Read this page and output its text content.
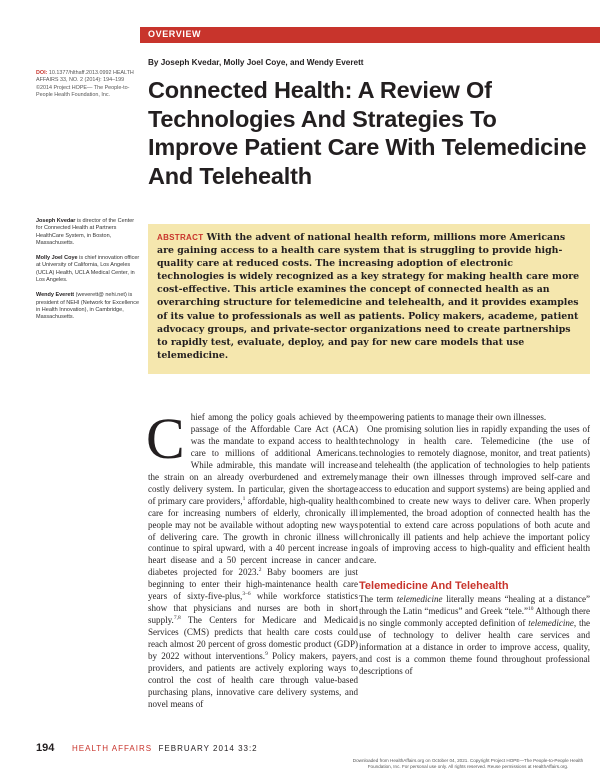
OVERVIEW
DOI: 10.1377/hlthaff.2013.0992 HEALTH AFFAIRS 33, NO. 2 (2014): 194–199 ©2014 Project HOPE— The People-to-People Health Foundation, Inc.
By Joseph Kvedar, Molly Joel Coye, and Wendy Everett
Connected Health: A Review Of Technologies And Strategies To Improve Patient Care With Telemedicine And Telehealth

Joseph Kvedar is director of the Center for Connected Health at Partners HealthCare System, in Boston, Massachusetts.

Molly Joel Coye is chief innovation officer at University of California, Los Angeles (UCLA) Health, UCLA Medical Center, in Los Angeles.

Wendy Everett (weverett@ nehi.net) is president of NEHI (Network for Excellence in Health Innovation), in Cambridge, Massachusetts.

ABSTRACT With the advent of national health reform, millions more Americans are gaining access to a health care system that is struggling to provide high-quality care at reduced costs. The increasing adoption of electronic technologies is widely recognized as a key strategy for making health care more cost-effective. This article examines the concept of connected health as an overarching structure for telemedicine and telehealth, and it provides examples of its value to professionals as well as patients. Policy makers, academe, patient advocacy groups, and private-sector organizations need to create partnerships to rapidly test, evaluate, deploy, and pay for new care models that use telemedicine.

Chief among the policy goals achieved by the passage of the Affordable Care Act (ACA) was the mandate to expand access to health care to millions of additional Americans. While admirable, this mandate will increase the strain on an already overburdened and extremely costly delivery system. In particular, given the shortage of primary care providers,$^1$ affordable, high-quality health care for increasing numbers of elderly, chronically ill people may not be available without adopting new ways of delivering care. The growth in chronic illness will continue to spiral upward, with a 40 percent increase in heart disease and a 50 percent increase in cancer and diabetes projected for 2023.$^2$ Baby boomers are just beginning to enter their high-maintenance health care years of sixty-five-plus,$^{3-6}$ while workforce statistics show that physicians and nurses are both in short supply.$^{7,8}$ The Centers for Medicare and Medicaid Services (CMS) predicts that health care costs could reach almost 20 percent of gross domestic product (GDP) by 2022 without interventions.$^9$ Policy makers, payers, providers, and patients are actively exploring ways to control the cost of health care through value-based purchasing plans, innovative care delivery systems, and novel means of

empowering patients to manage their own illnesses.

One promising solution lies in rapidly expanding the uses of technology in health care. Telemedicine (the use of technologies to remotely diagnose, monitor, and treat patients) and telehealth (the application of technologies to help patients manage their own illnesses through improved self-care and access to education and support systems) are being applied and combined to create new ways to deliver care. When properly implemented, the broad adoption of connected health has the potential to extend care across populations of both acute and chronically ill patients and help achieve the important policy goals of improving access to high-quality and efficient health care.

Telemedicine And Telehealth

The term telemedicine literally means “healing at a distance” through the Latin “medicus” and Greek “tele.”$^{10}$ Although there is no single commonly accepted definition of telemedicine, the use of technology to deliver health care services and information at a distance in order to improve access, quality, and cost is a common theme found throughout professional descriptions of

194 HEALTH AFFAIRS FEBRUARY 2014 33:2
Downloaded from HealthAffairs.org on October 04, 2021. Copyright Project HOPE—The People-to-People Health Foundation, Inc. For personal use only. All rights reserved. Reuse permissions at HealthAffairs.org.
